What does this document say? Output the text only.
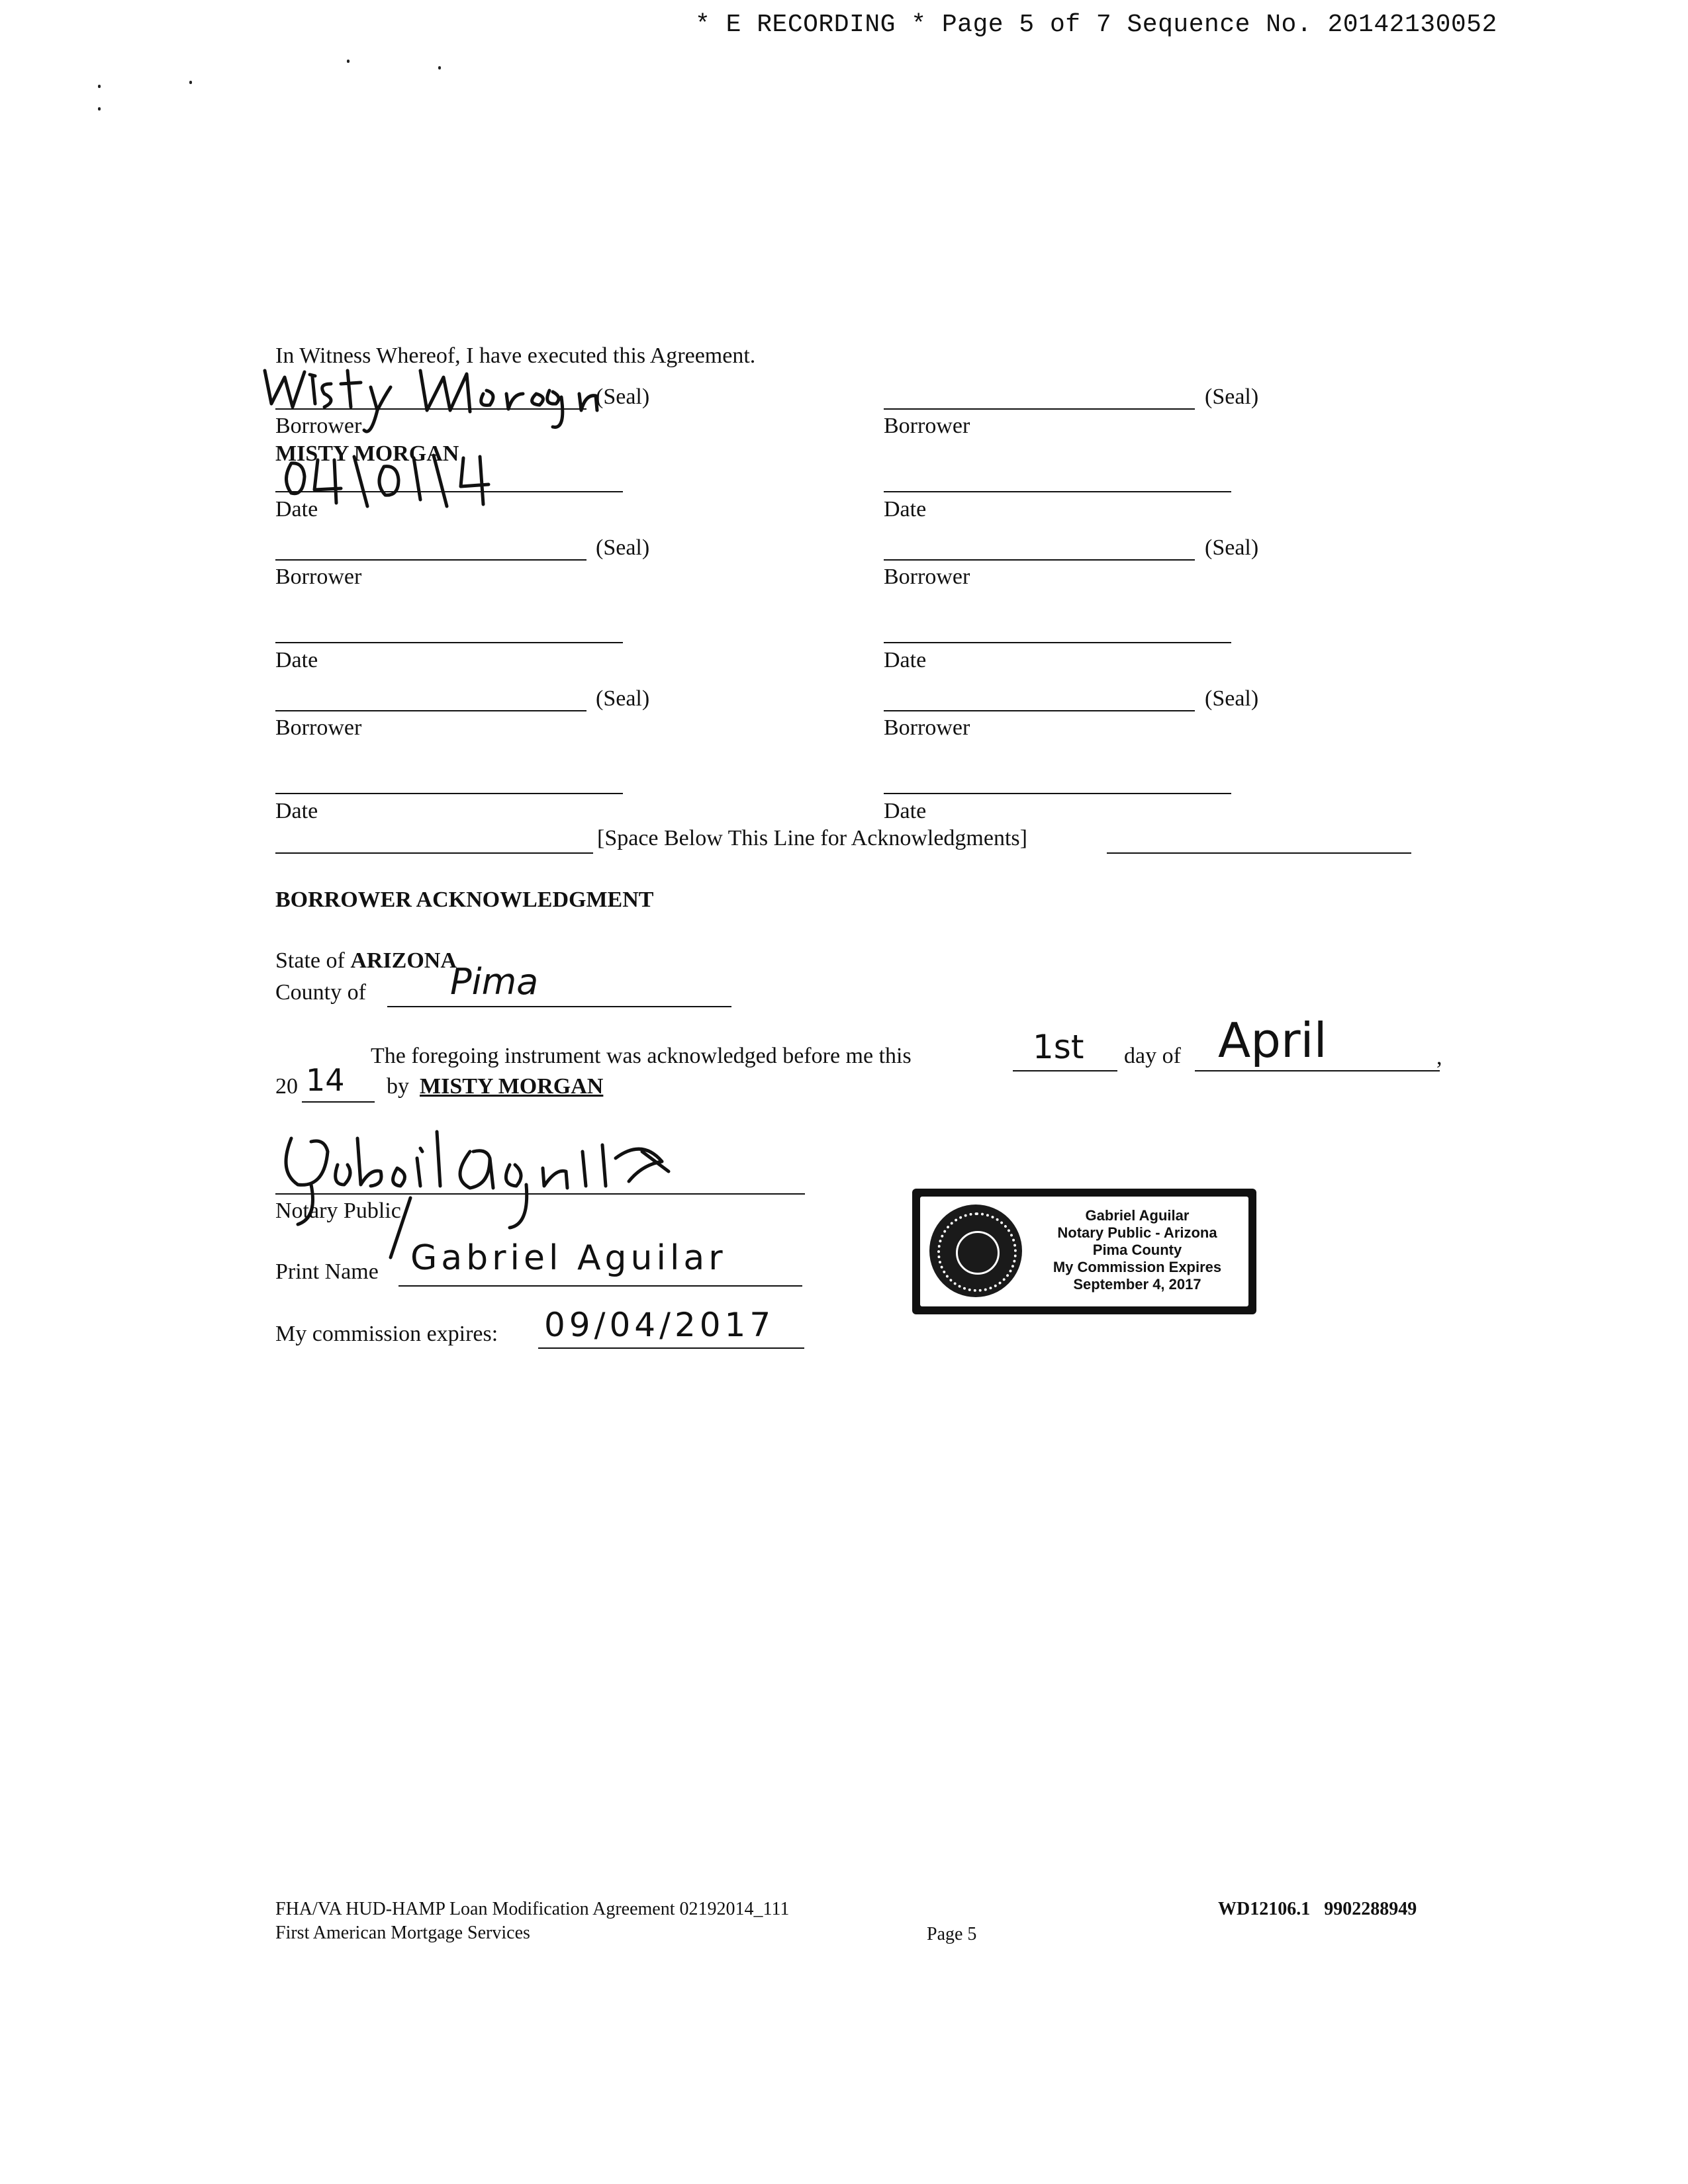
* E RECORDING * Page 5 of 7 Sequence No. 20142130052
In Witness Whereof, I have executed this Agreement.
(Seal)
Borrower
MISTY MORGAN
Date
(Seal)
Borrower
Date
(Seal)
Borrower
Date
(Seal)
Borrower
Date
(Seal)
Borrower
Date
(Seal)
Borrower
Date
[Space Below This Line for Acknowledgments]
BORROWER ACKNOWLEDGMENT
State of ARIZONA
County of Pima
The foregoing instrument was acknowledged before me this	1st day of April	,
20 14 by MISTY MORGAN
Notary Public
Print Name Gabriel Aguilar
My commission expires: 09/04/2017
Gabriel Aguilar
Notary Public - Arizona
Pima County
My Commission Expires
September 4, 2017
FHA/VA HUD-HAMP Loan Modification Agreement 02192014_111
First American Mortgage Services	Page 5
WD12106.1 9902288949
